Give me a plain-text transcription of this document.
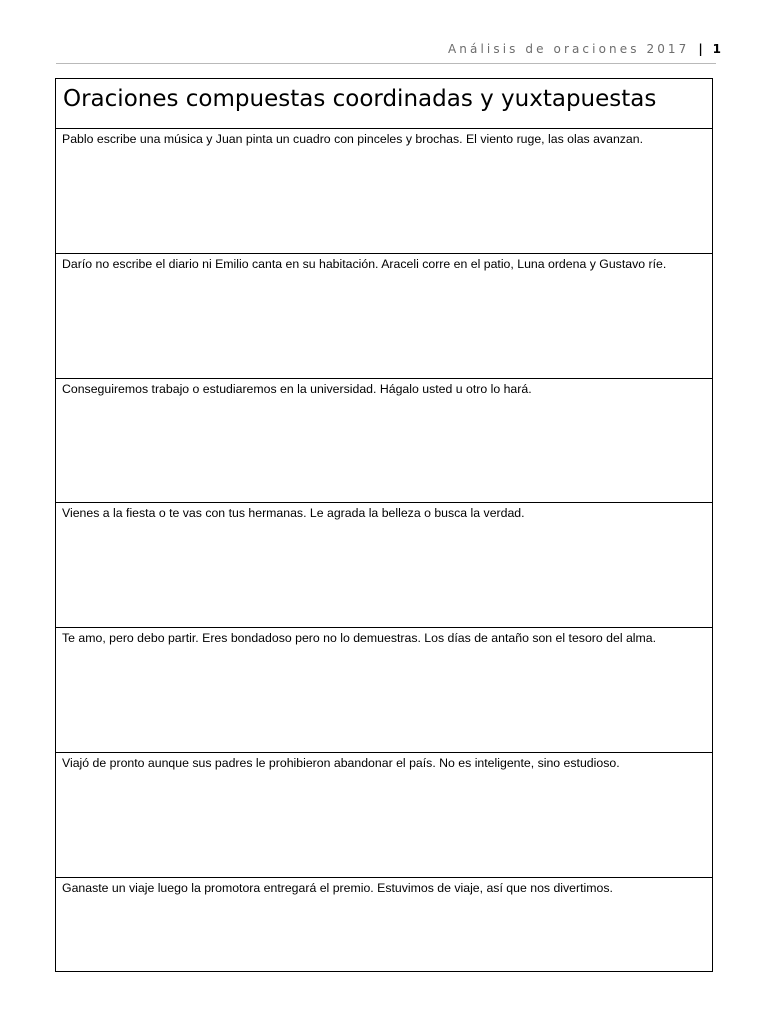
Análisis de oraciones 2017 | 1
Oraciones compuestas coordinadas y yuxtapuestas
Pablo escribe una música y Juan pinta un cuadro con pinceles y brochas. El viento ruge, las olas avanzan.
Darío no escribe el diario ni Emilio canta en su habitación. Araceli corre en el patio, Luna ordena y Gustavo ríe.
Conseguiremos trabajo o estudiaremos en la universidad. Hágalo usted u otro lo hará.
Vienes a la fiesta o te vas con tus hermanas. Le agrada la belleza o busca la verdad.
Te amo, pero debo partir. Eres bondadoso pero no lo demuestras. Los días de antaño son el tesoro del alma.
Viajó de pronto aunque sus padres le prohibieron abandonar el país. No es inteligente, sino estudioso.
Ganaste un viaje luego la promotora entregará el premio. Estuvimos de viaje, así que nos divertimos.
